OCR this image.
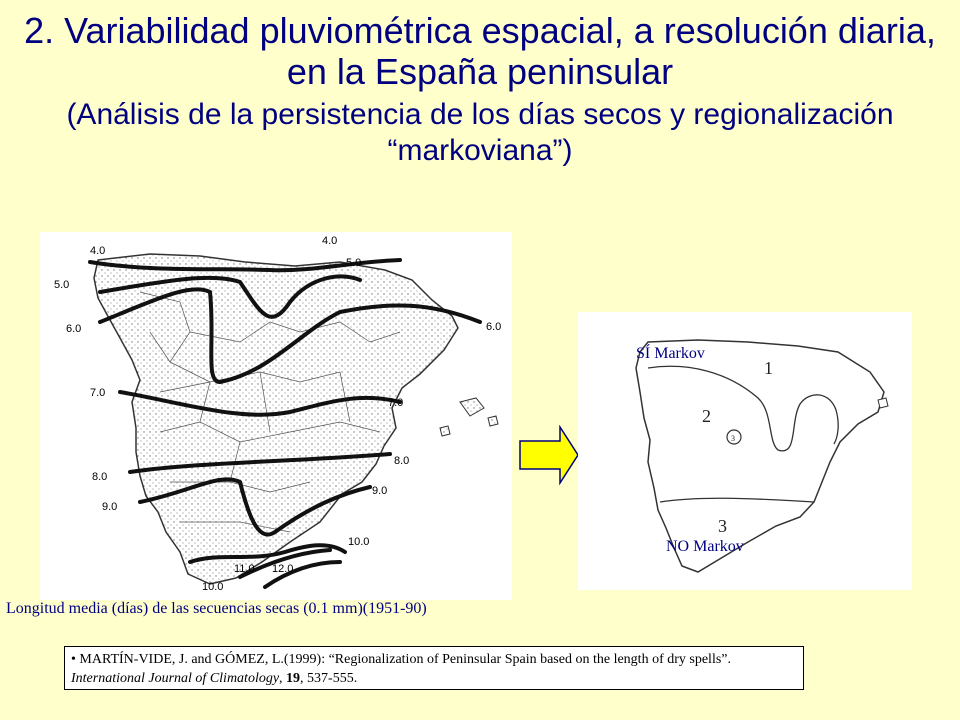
2. Variabilidad pluviométrica espacial, a resolución diaria, en la España peninsular
(Análisis de la persistencia de los días secos y regionalización “markoviana”)
4.0
5.0
6.0
4.0
5.0
6.0
7.0
7.0
8.0
8.0
9.0
9.0
10.0
11.0 12.0
10.0
1
2
3
3
SÍ Markov
NO Markov
Longitud media (días) de las secuencias secas (0.1 mm)(1951-90)
• MARTÍN-VIDE, J. and GÓMEZ, L.(1999): “Regionalization of Peninsular Spain based on the length of dry spells”. International Journal of Climatology, 19, 537-555.
